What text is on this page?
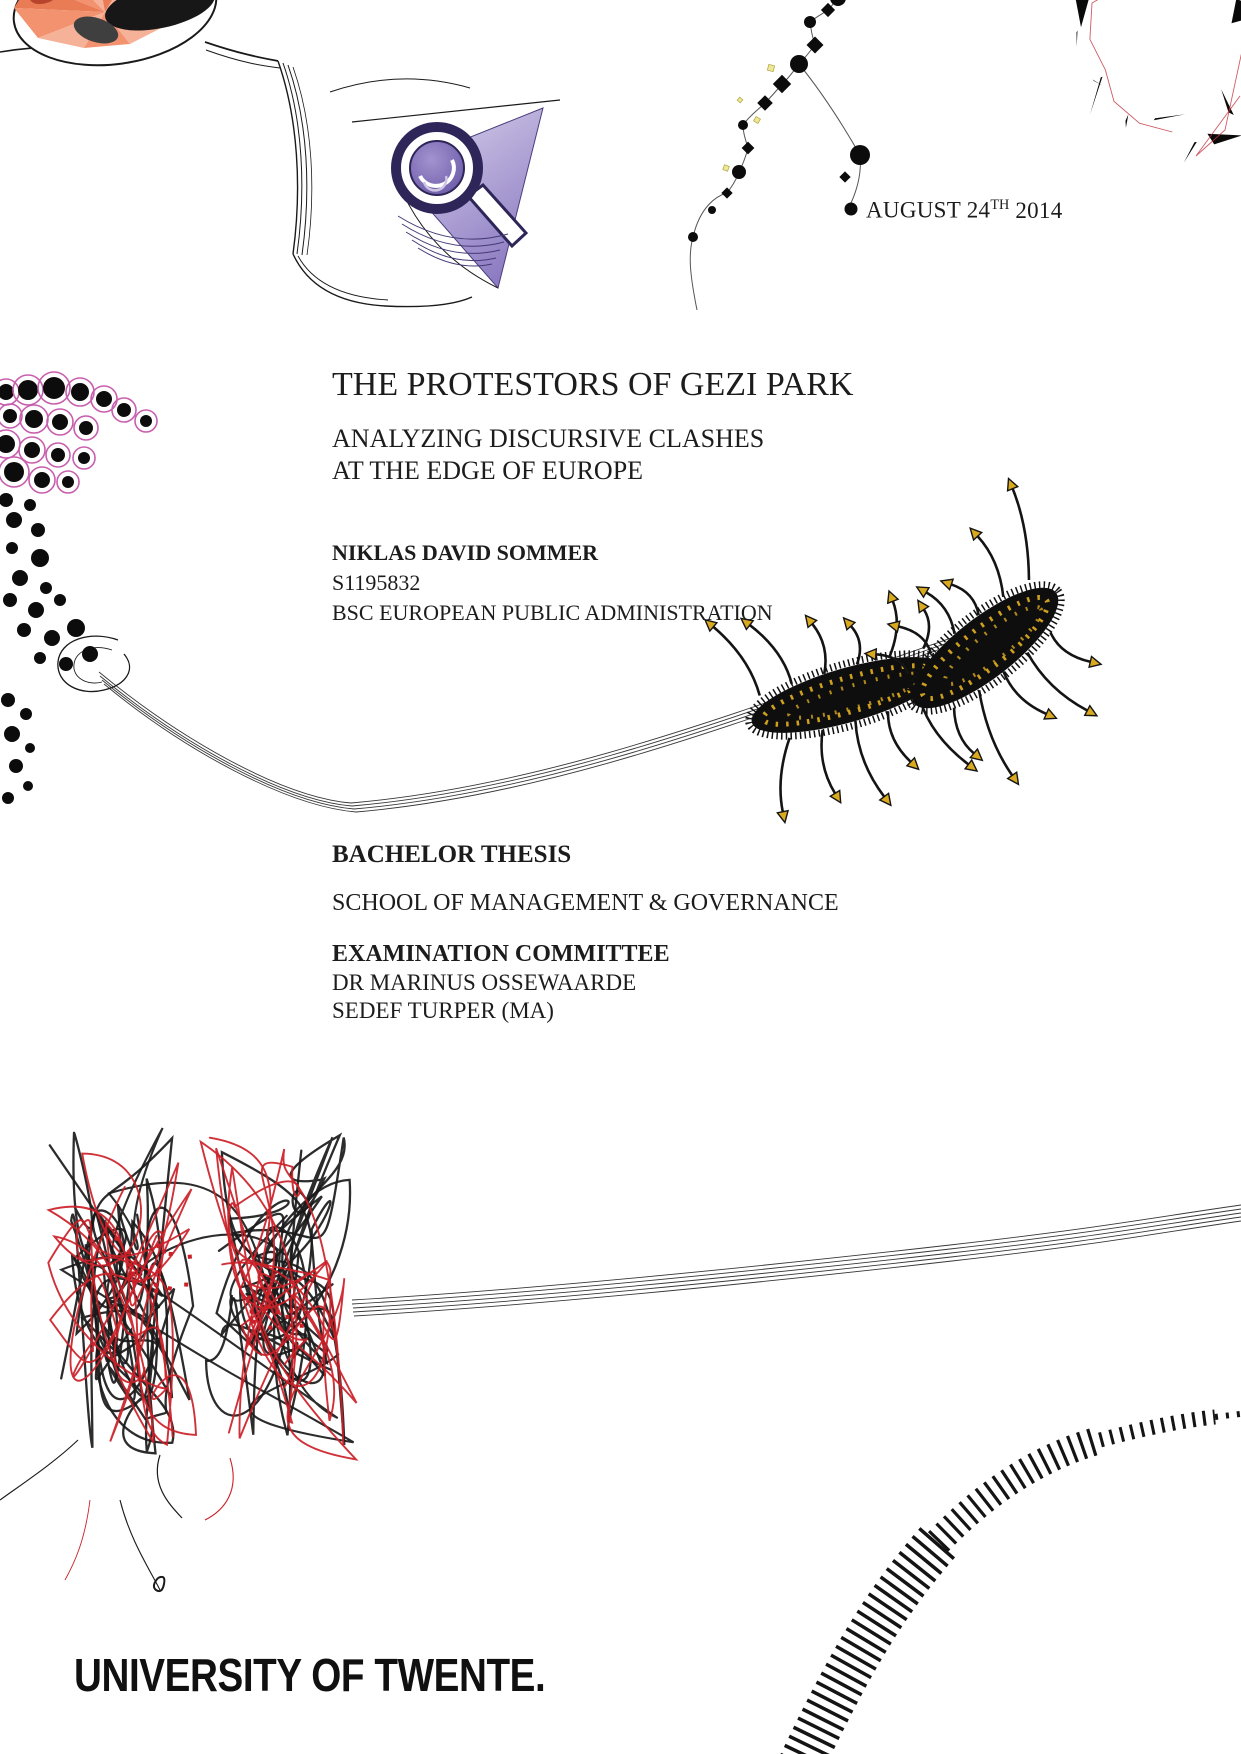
AUGUST 24TH 2014
THE PROTESTORS OF GEZI PARK
ANALYZING DISCURSIVE CLASHES
AT THE EDGE OF EUROPE
NIKLAS DAVID SOMMER
S1195832
BSC EUROPEAN PUBLIC ADMINISTRATION
BACHELOR THESIS
SCHOOL OF MANAGEMENT & GOVERNANCE
EXAMINATION COMMITTEE
DR MARINUS OSSEWAARDE
SEDEF TURPER (MA)
UNIVERSITY OF TWENTE.
